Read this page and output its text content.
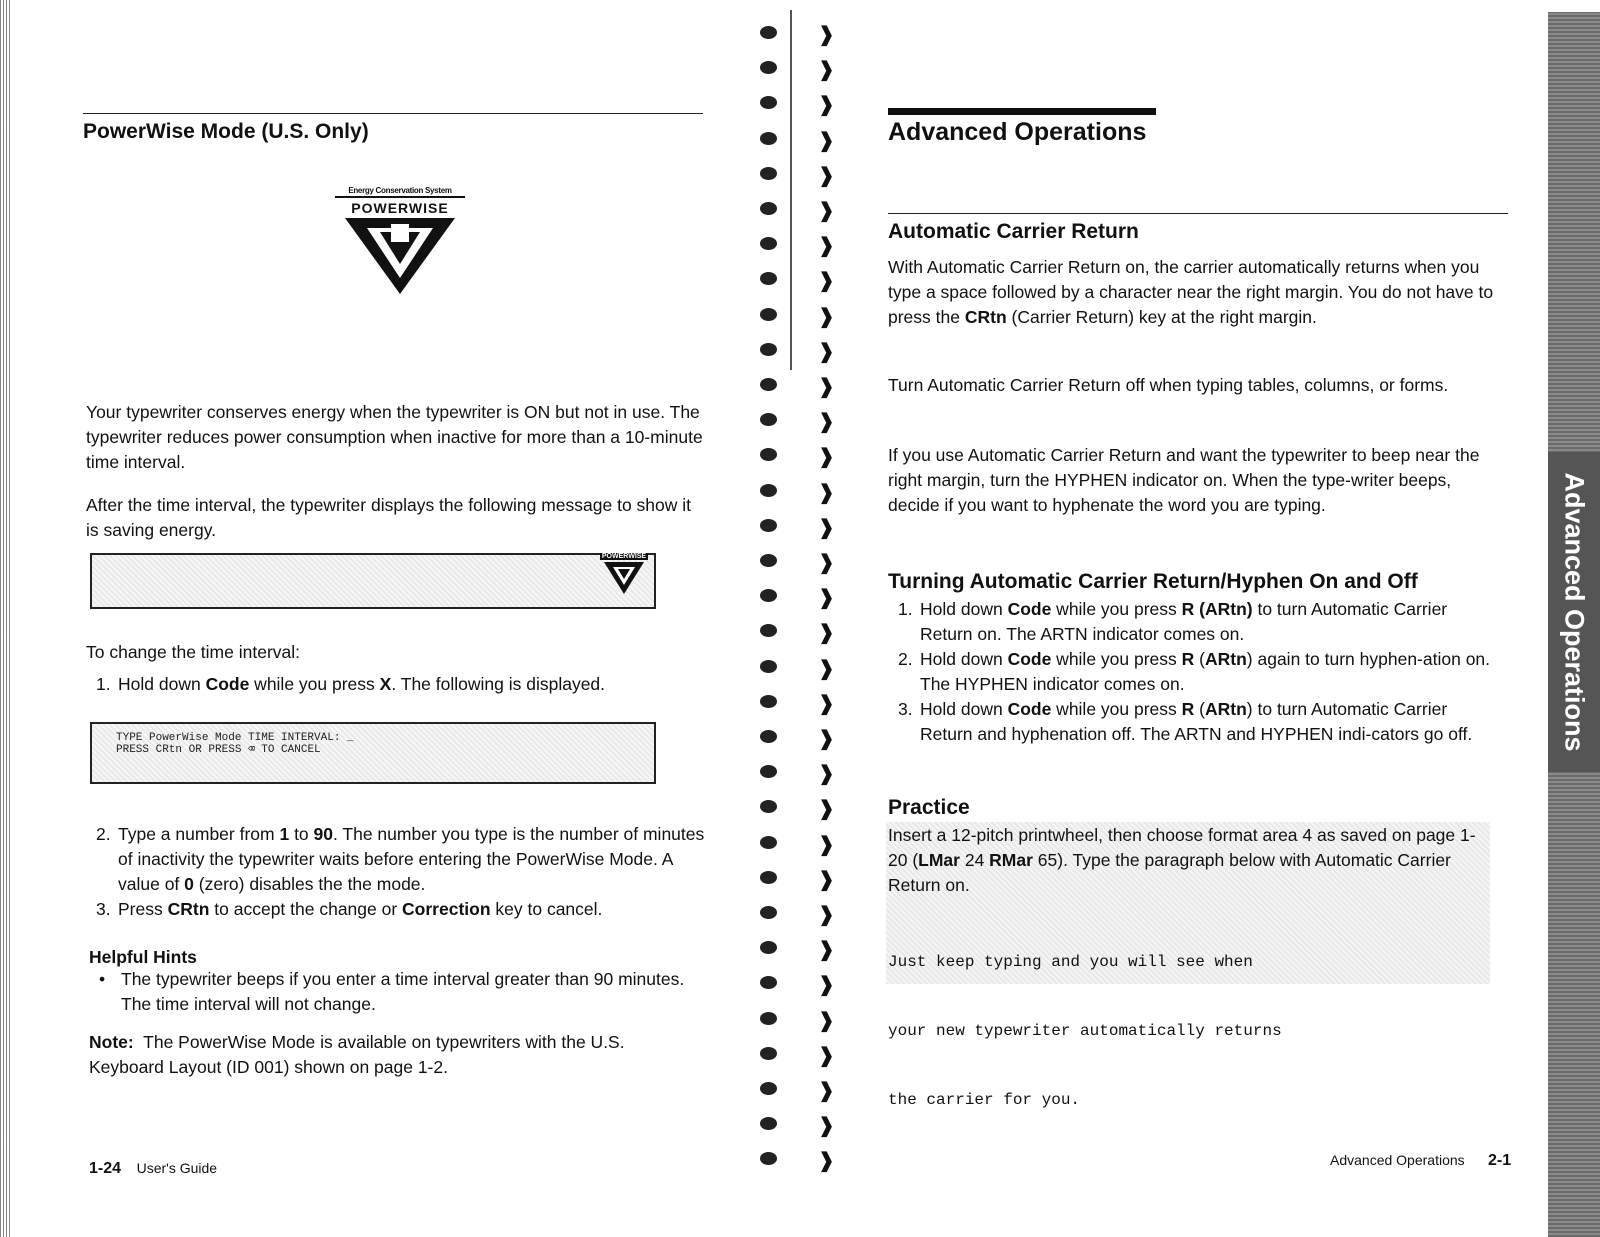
PowerWise Mode (U.S. Only)
Energy Conservation System
POWERWISE

Your typewriter conserves energy when the typewriter is ON but not in use. The typewriter reduces power consumption when inactive for more than a 10-minute time interval.

After the time interval, the typewriter displays the following message to show it is saving energy.

POWERWISE

To change the time interval:

1. Hold down Code while you press X. The following is displayed.
TYPE PowerWise Mode TIME INTERVAL: _
PRESS CRtn OR PRESS ⌫ TO CANCEL
2. Type a number from 1 to 90. The number you type is the number of minutes of inactivity the typewriter waits before entering the PowerWise Mode. A value of 0 (zero) disables the the mode.
3. Press CRtn to accept the change or Correction key to cancel.
Helpful Hints
• The typewriter beeps if you enter a time interval greater than 90 minutes. The time interval will not change.

Note: The PowerWise Mode is available on typewriters with the U.S. Keyboard Layout (ID 001) shown on page 1-2.

1-24 User's Guide
❱
❱
❱
❱
❱
❱
❱
❱
❱
❱
❱
❱
❱
❱
❱
❱
❱
❱
❱
❱
❱
❱
❱
❱
❱
❱
❱
❱
❱
❱
❱
❱
❱
Advanced Operations
Automatic Carrier Return

With Automatic Carrier Return on, the carrier automatically returns when you type a space followed by a character near the right margin. You do not have to press the CRtn (Carrier Return) key at the right margin.

Turn Automatic Carrier Return off when typing tables, columns, or forms.

If you use Automatic Carrier Return and want the typewriter to beep near the right margin, turn the HYPHEN indicator on. When the type-writer beeps, decide if you want to hyphenate the word you are typing.

Turning Automatic Carrier Return/Hyphen On and Off
1. Hold down Code while you press R (ARtn) to turn Automatic Carrier Return on. The ARTN indicator comes on.
2. Hold down Code while you press R (ARtn) again to turn hyphen-ation on. The HYPHEN indicator comes on.
3. Hold down Code while you press R (ARtn) to turn Automatic Carrier Return and hyphenation off. The ARTN and HYPHEN indi-cators go off.
Practice

Insert a 12-pitch printwheel, then choose format area 4 as saved on page 1-20 (LMar 24 RMar 65). Type the paragraph below with Automatic Carrier Return on.

Just keep typing and you will see when

your new typewriter automatically returns

the carrier for you.

Advanced Operations 2-1
Advanced Operations
